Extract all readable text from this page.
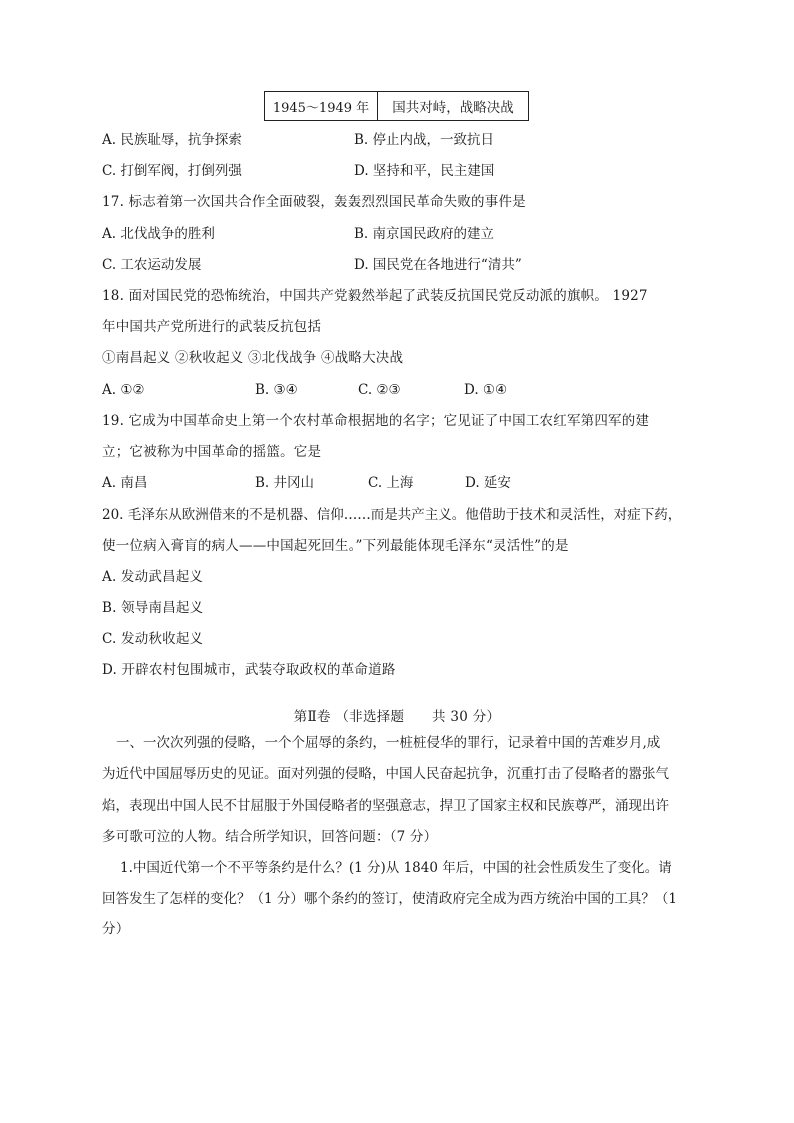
1945～1949 年	国共对峙，战略决战
A. 民族耻辱，抗争探索	B. 停止内战，一致抗日
C. 打倒军阀，打倒列强	D. 坚持和平，民主建国
17. 标志着第一次国共合作全面破裂，轰轰烈烈国民革命失败的事件是
A. 北伐战争的胜利	B. 南京国民政府的建立
C. 工农运动发展	D. 国民党在各地进行“清共”
18. 面对国民党的恐怖统治，中国共产党毅然举起了武装反抗国民党反动派的旗帜。 1927
年中国共产党所进行的武装反抗包括
①南昌起义 ②秋收起义 ③北伐战争 ④战略大决战
A. ①②	B. ③④	C. ②③	D. ①④
19. 它成为中国革命史上第一个农村革命根据地的名字；它见证了中国工农红军第四军的建
立；它被称为中国革命的摇篮。它是
A. 南昌	B. 井冈山	C. 上海	D. 延安
20. 毛泽东从欧洲借来的不是机器、信仰……而是共产主义。他借助于技术和灵活性，对症下药，
使一位病入膏肓的病人——中国起死回生。”下列最能体现毛泽东“灵活性”的是
A. 发动武昌起义
B. 领导南昌起义
C. 发动秋收起义
D. 开辟农村包围城市，武装夺取政权的革命道路
第Ⅱ卷 （非选择题　　共 30 分）
一、一次次列强的侵略，一个个屈辱的条约，一桩桩侵华的罪行，记录着中国的苦难岁月,成
为近代中国屈辱历史的见证。面对列强的侵略，中国人民奋起抗争，沉重打击了侵略者的嚣张气
焰，表现出中国人民不甘屈服于外国侵略者的坚强意志，捍卫了国家主权和民族尊严，涌现出许
多可歌可泣的人物。结合所学知识，回答问题：（7 分）
1.中国近代第一个不平等条约是什么？(1 分)从 1840 年后，中国的社会性质发生了变化。请
回答发生了怎样的变化？（1 分）哪个条约的签订，使清政府完全成为西方统治中国的工具？（1
分）
